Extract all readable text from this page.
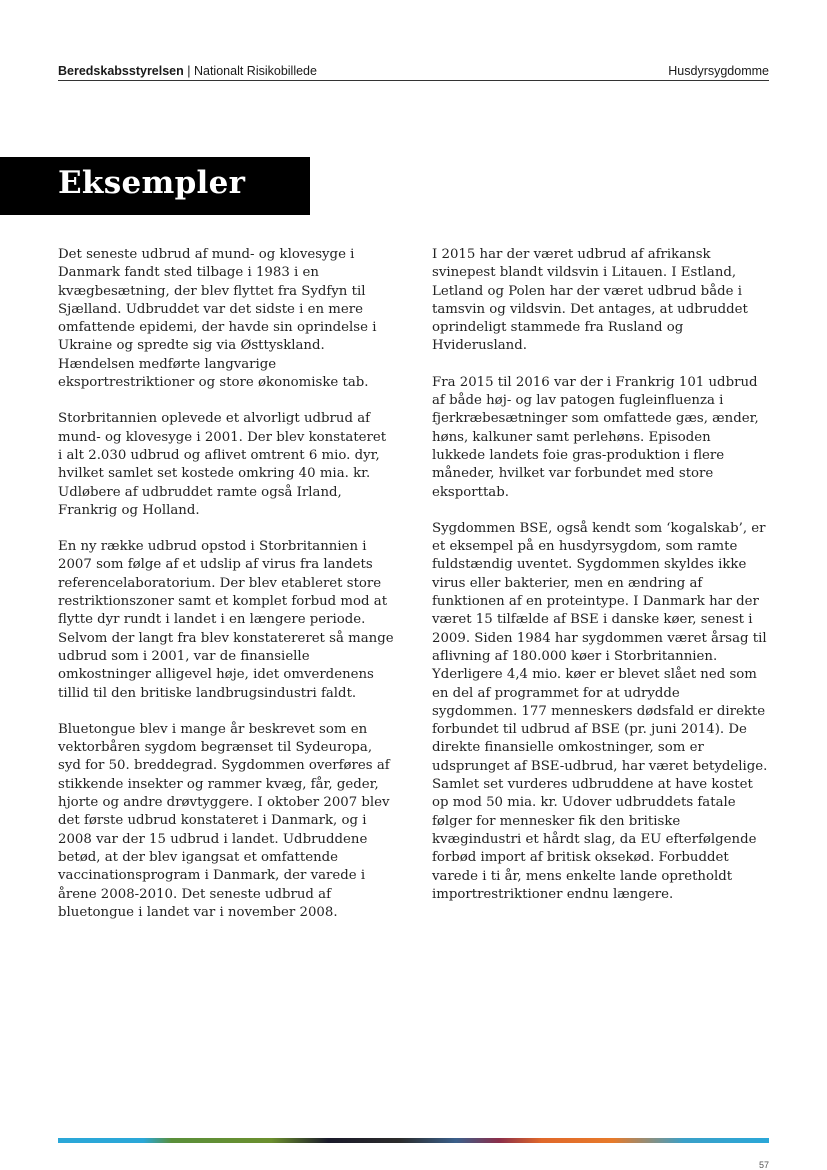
Beredskabsstyrelsen | Nationalt Risikobillede	Husdyrsygdomme
Eksempler

Det seneste udbrud af mund- og klovesyge i Danmark fandt sted tilbage i 1983 i en kvægbesætning, der blev flyttet fra Sydfyn til Sjælland. Udbruddet var det sidste i en mere omfattende epidemi, der havde sin oprindelse i Ukraine og spredte sig via Østtyskland. Hændelsen medførte langvarige eksportrestriktioner og store økonomiske tab.

Storbritannien oplevede et alvorligt udbrud af mund- og klovesyge i 2001. Der blev konstateret i alt 2.030 udbrud og aflivet omtrent 6 mio. dyr, hvilket samlet set kostede omkring 40 mia. kr. Udløbere af udbruddet ramte også Irland, Frankrig og Holland.

En ny række udbrud opstod i Storbritannien i 2007 som følge af et udslip af virus fra landets referencelaboratorium. Der blev etableret store restriktionszoner samt et komplet forbud mod at flytte dyr rundt i landet i en længere periode. Selvom der langt fra blev konstatereret så mange udbrud som i 2001, var de finansielle omkostninger alligevel høje, idet omverdenens tillid til den britiske landbrugsindustri faldt.

Bluetongue blev i mange år beskrevet som en vektorbåren sygdom begrænset til Sydeuropa, syd for 50. breddegrad. Sygdommen overføres af stikkende insekter og rammer kvæg, får, geder, hjorte og andre drøvtyggere. I oktober 2007 blev det første udbrud konstateret i Danmark, og i 2008 var der 15 udbrud i landet. Udbruddene betød, at der blev igangsat et omfattende vaccinationsprogram i Danmark, der varede i årene 2008-2010. Det seneste udbrud af bluetongue i landet var i november 2008.

I 2015 har der været udbrud af afrikansk svinepest blandt vildsvin i Litauen. I Estland, Letland og Polen har der været udbrud både i tamsvin og vildsvin. Det antages, at udbruddet oprindeligt stammede fra Rusland og Hviderusland.

Fra 2015 til 2016 var der i Frankrig 101 udbrud af både høj- og lav patogen fugleinfluenza i fjerkræbesætninger som omfattede gæs, ænder, høns, kalkuner samt perlehøns. Episoden lukkede landets foie gras-produktion i flere måneder, hvilket var forbundet med store eksporttab.

Sygdommen BSE, også kendt som ‘kogalskab’, er et eksempel på en husdyrsygdom, som ramte fuldstændig uventet. Sygdommen skyldes ikke virus eller bakterier, men en ændring af funktionen af en proteintype. I Danmark har der været 15 tilfælde af BSE i danske køer, senest i 2009. Siden 1984 har sygdommen været årsag til aflivning af 180.000 køer i Storbritannien. Yderligere 4,4 mio. køer er blevet slået ned som en del af programmet for at udrydde sygdommen. 177 menneskers dødsfald er direkte forbundet til udbrud af BSE (pr. juni 2014). De direkte finansielle omkostninger, som er udsprunget af BSE-udbrud, har været betydelige. Samlet set vurderes udbruddene at have kostet op mod 50 mia. kr. Udover udbruddets fatale følger for mennesker fik den britiske kvægindustri et hårdt slag, da EU efterfølgende forbød import af britisk oksekød. Forbuddet varede i ti år, mens enkelte lande opretholdt importrestriktioner endnu længere.

57
